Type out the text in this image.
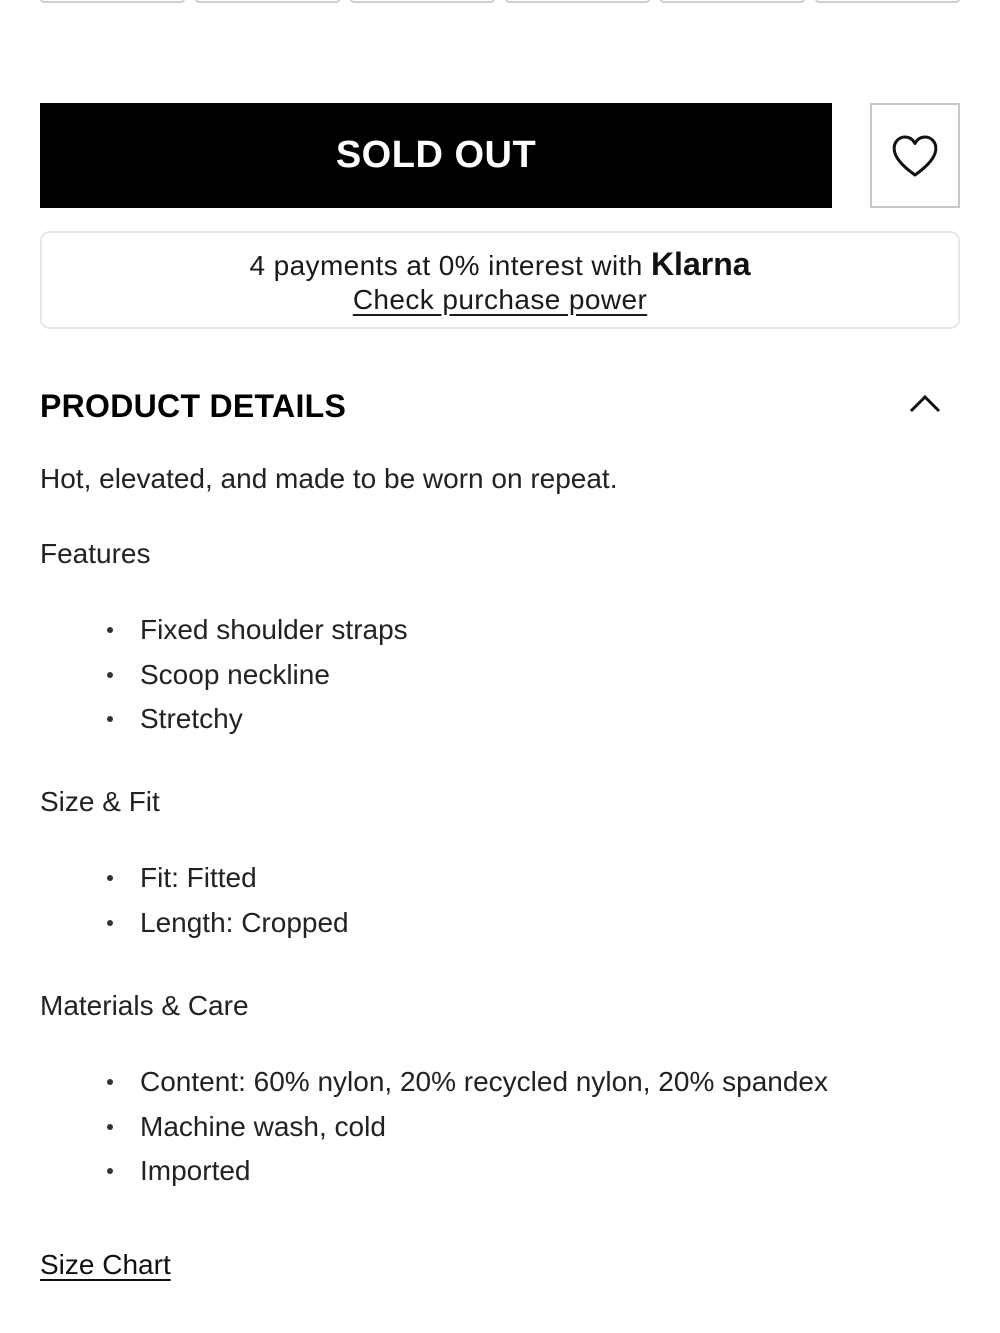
SOLD OUT
4 payments at 0% interest with Klarna
Check purchase power
PRODUCT DETAILS
Hot, elevated, and made to be worn on repeat.
Features
Fixed shoulder straps
Scoop neckline
Stretchy
Size & Fit
Fit: Fitted
Length: Cropped
Materials & Care
Content: 60% nylon, 20% recycled nylon, 20% spandex
Machine wash, cold
Imported
Size Chart
